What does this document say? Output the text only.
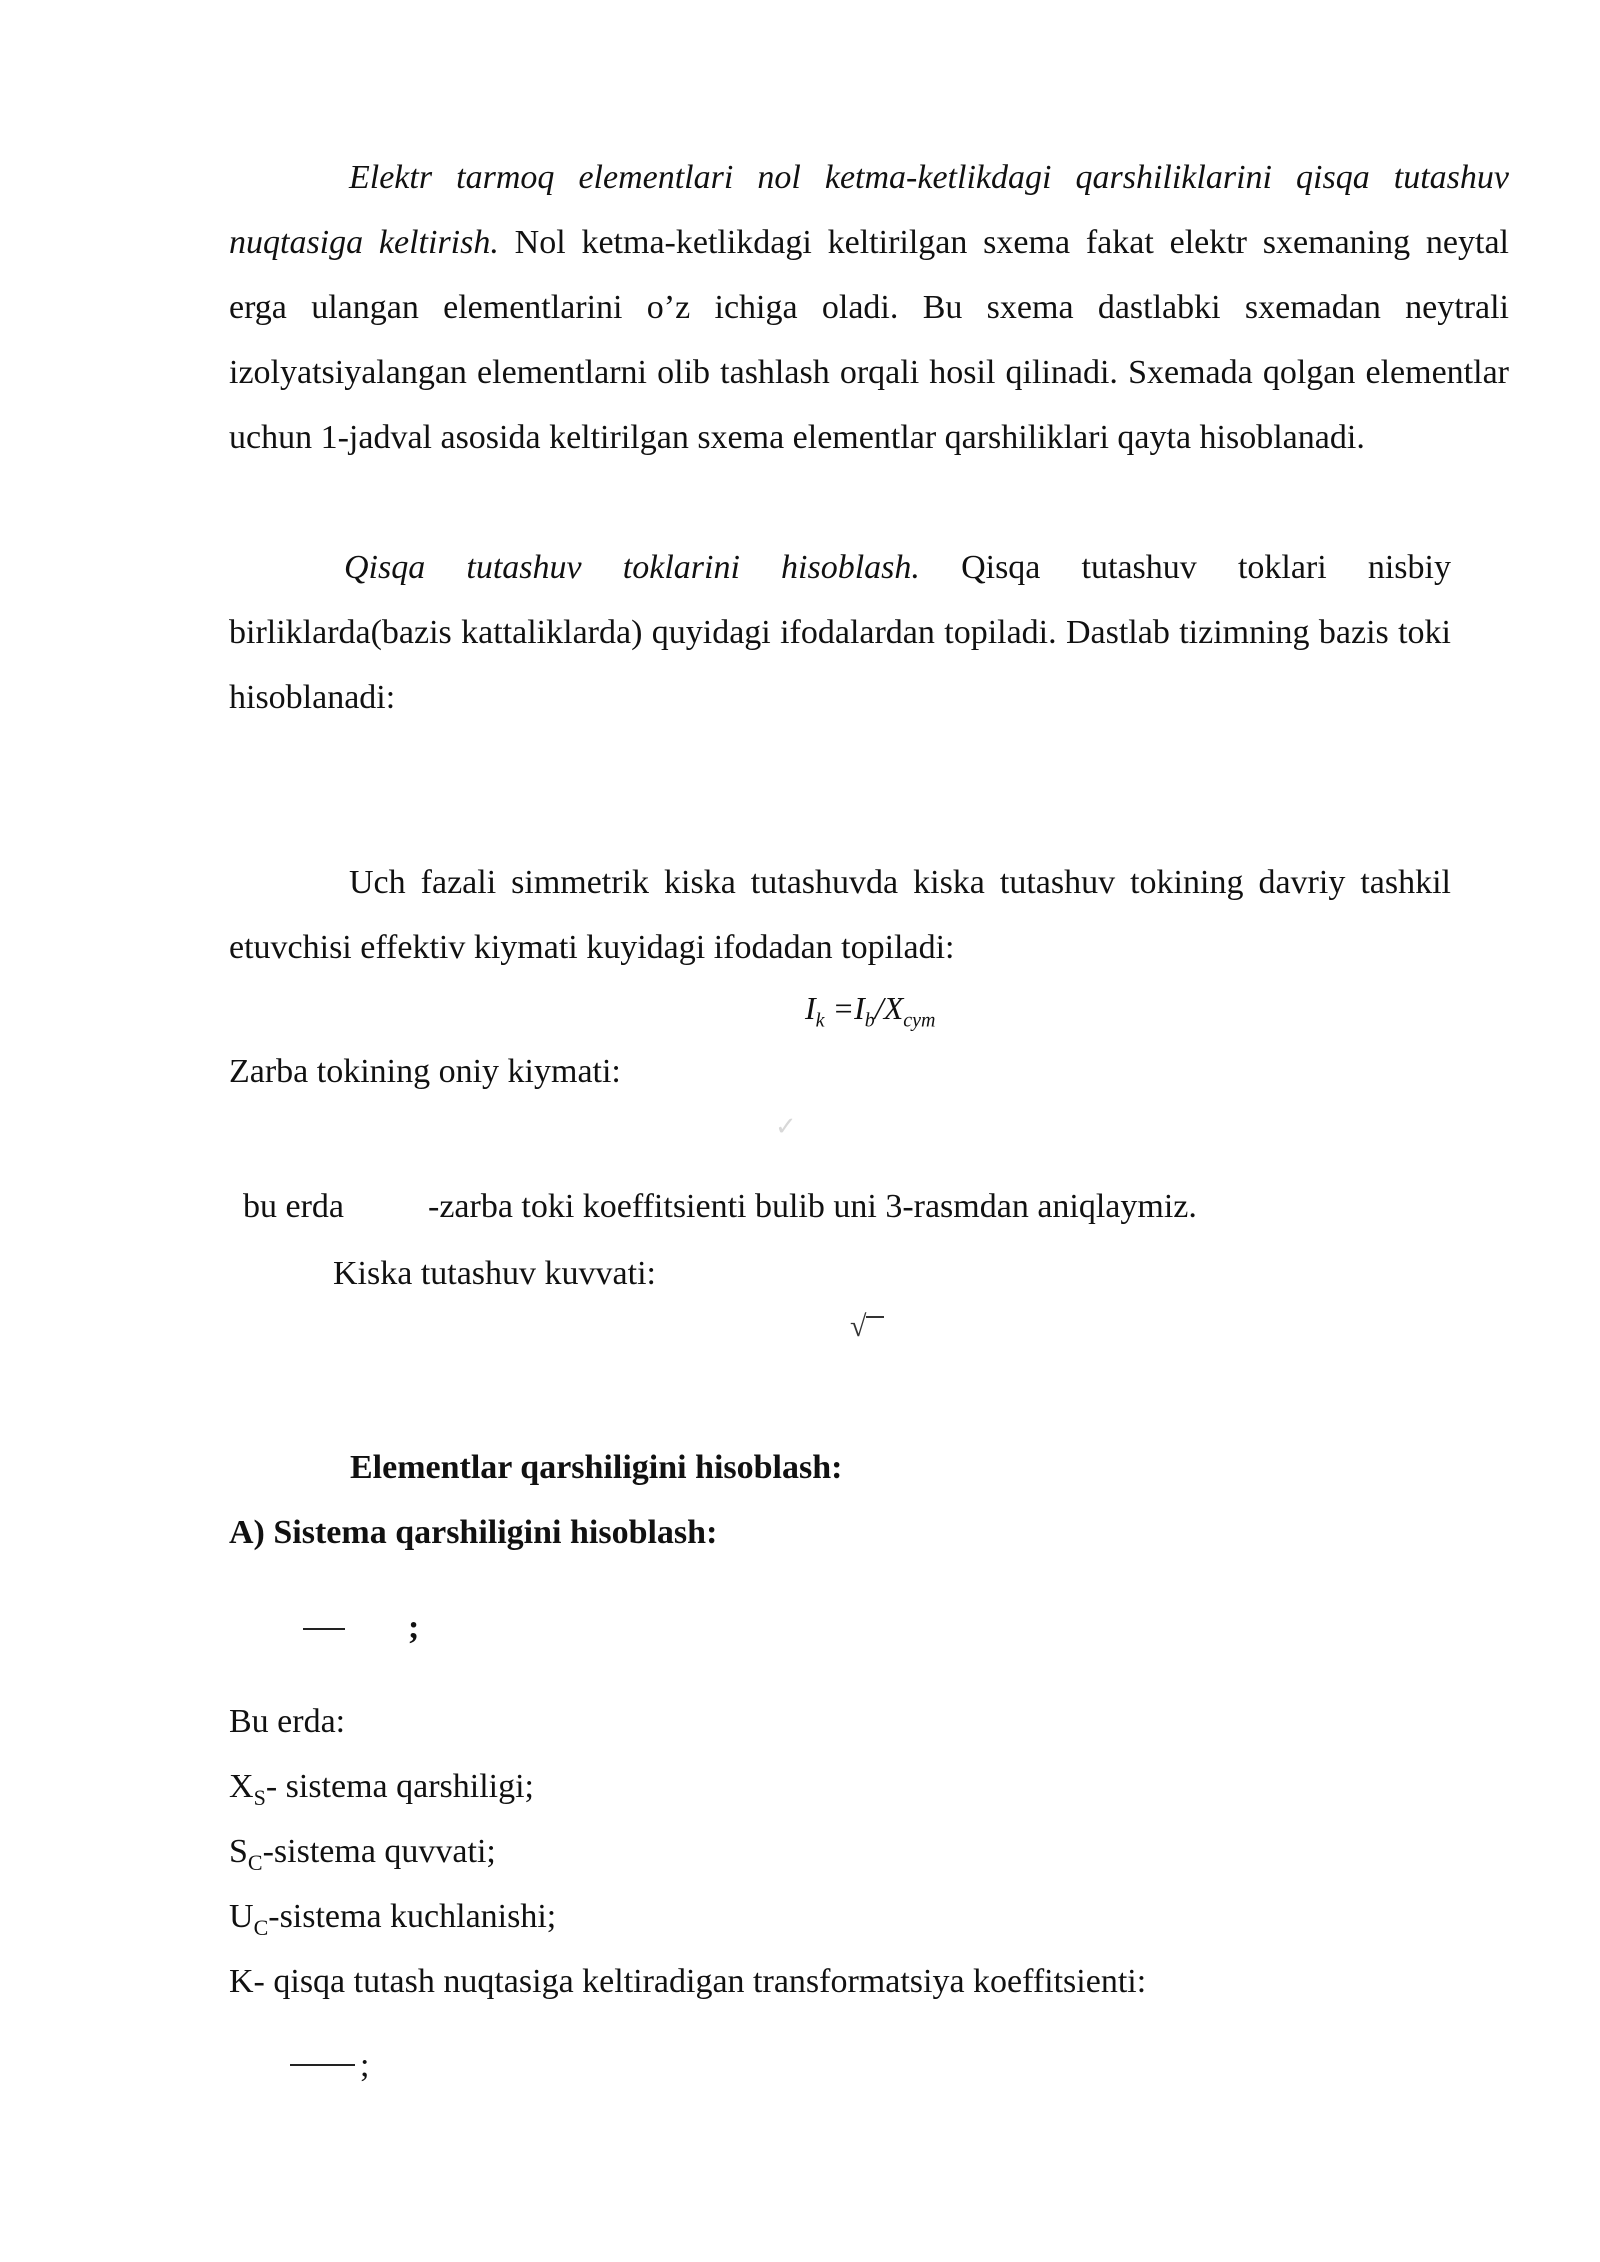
Elektr tarmoq elementlari nol ketma-ketlikdagi qarshiliklarini qisqa tutashuv nuqtasiga keltirish. Nol ketma-ketlikdagi keltirilgan sxema fakat elektr sxemaning neytal erga ulangan elementlarini o’z ichiga oladi. Bu sxema dastlabki sxemadan neytrali izolyatsiyalangan elementlarni olib tashlash orqali hosil qilinadi. Sxemada qolgan elementlar uchun 1-jadval asosida keltirilgan sxema elementlar qarshiliklari qayta hisoblanadi.

Qisqa tutashuv toklarini hisoblash. Qisqa tutashuv toklari nisbiy birliklarda(bazis kattaliklarda) quyidagi ifodalardan topiladi. Dastlab tizimning bazis toki hisoblanadi:

Uch fazali simmetrik kiska tutashuvda kiska tutashuv tokining davriy tashkil etuvchisi effektiv kiymati kuyidagi ifodadan topiladi:

$I_k =I_b/X_{cym}$

Zarba tokining oniy kiymati:

✓

bu erda -zarba toki koeffitsienti bulib uni 3-rasmdan aniqlaymiz.

Kiska tutashuv kuvvati:

√

Elementlar qarshiligini hisoblash:

A) Sistema qarshiligini hisoblash:

;

Bu erda:

$X_S-$ sistema qarshiligi;

$S_C$-sistema quvvati;

$U_C$-sistema kuchlanishi;

K- qisqa tutash nuqtasiga keltiradigan transformatsiya koeffitsienti:

;
